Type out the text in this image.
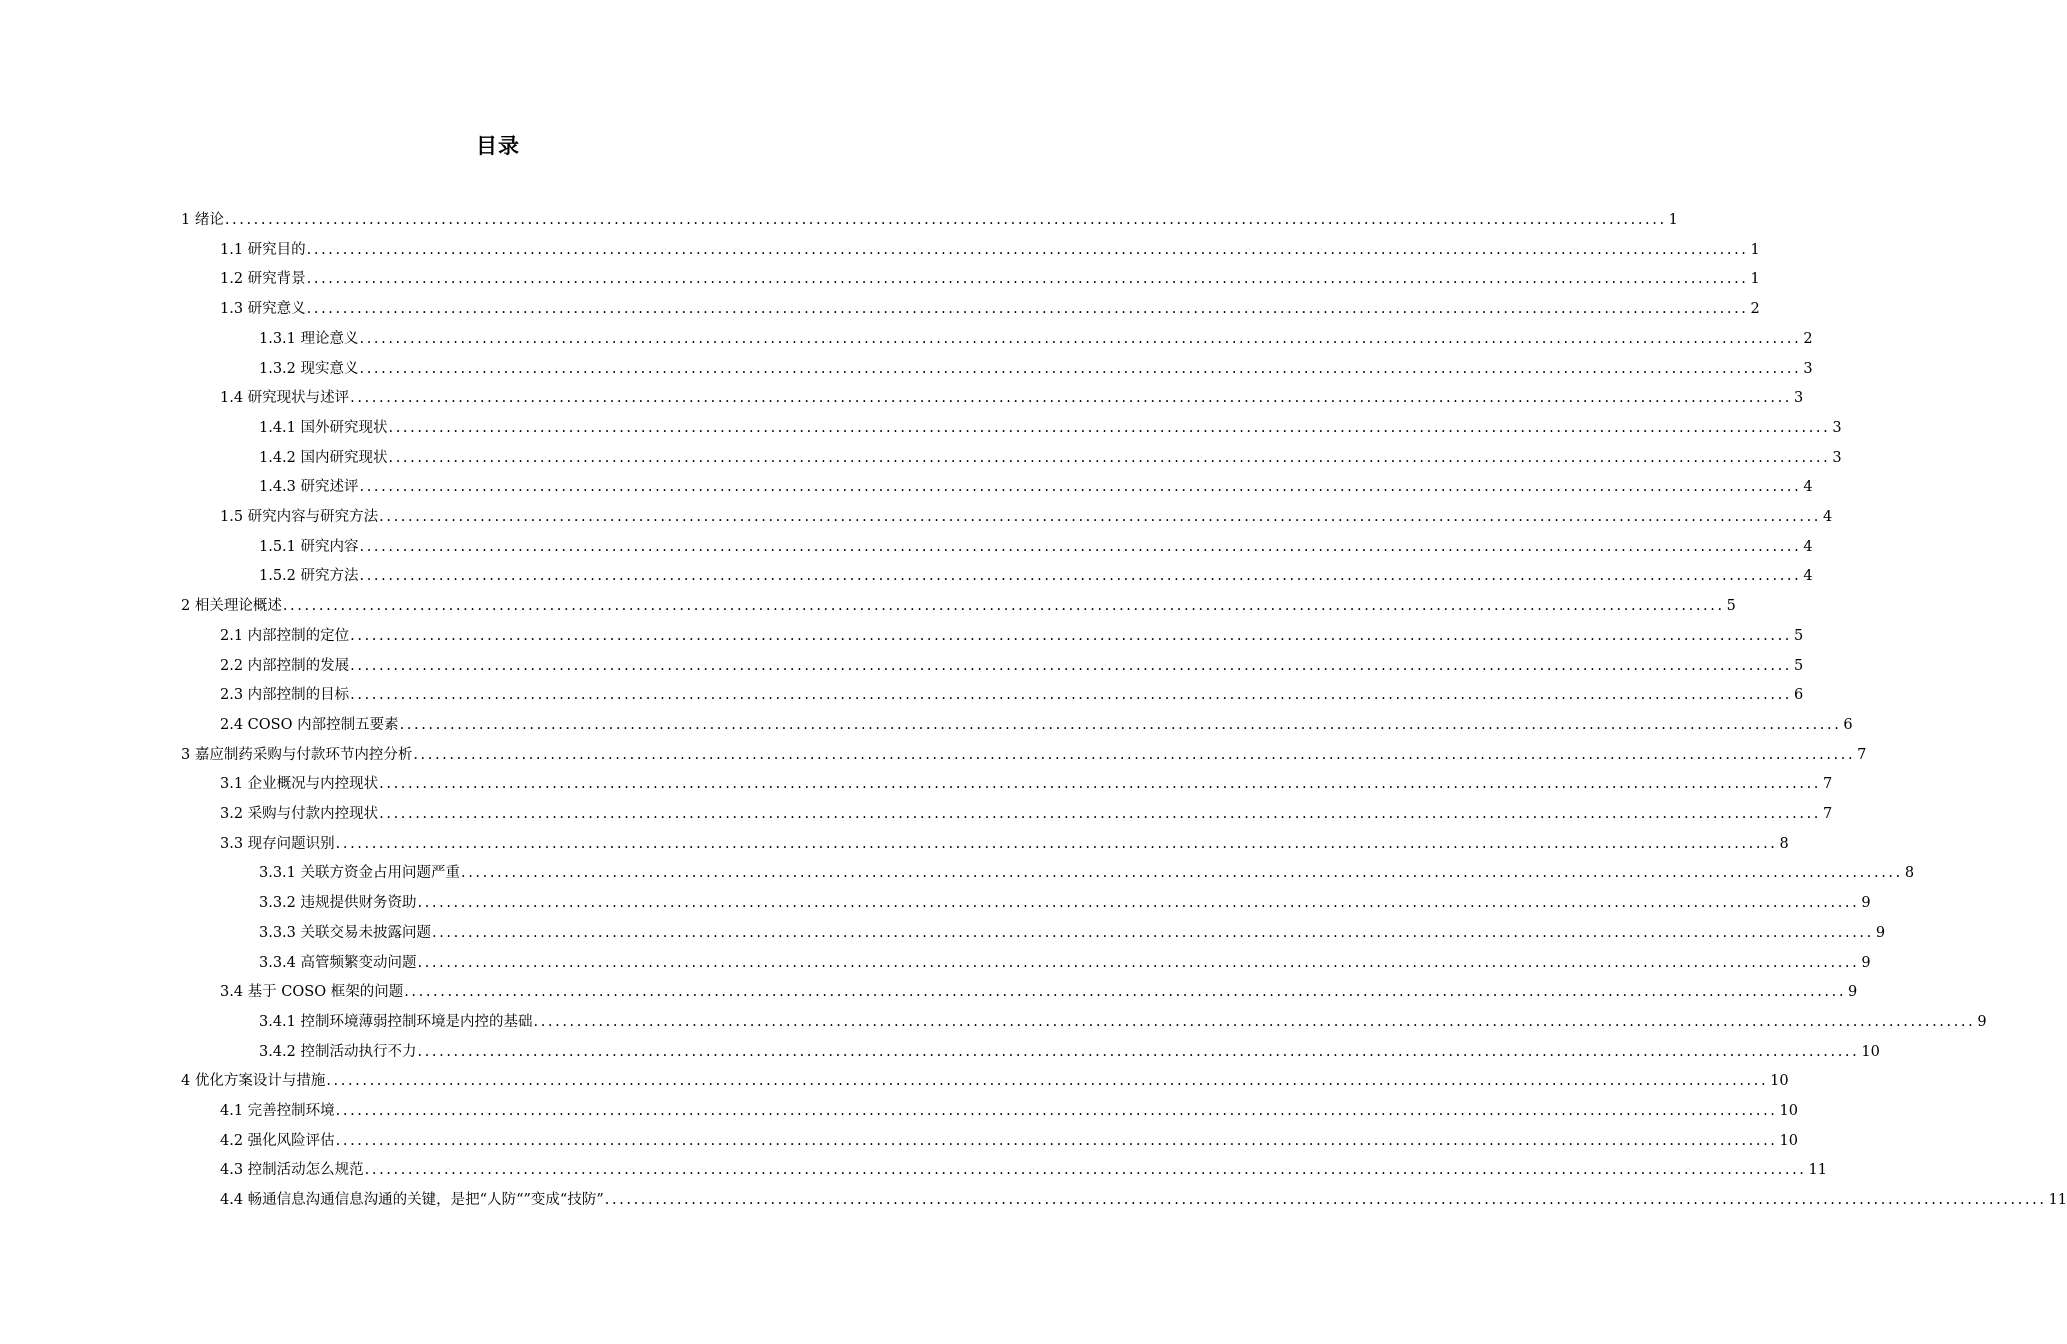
目录
1 绪论 ........................................................................................................................................................................................................ 1
1.1 研究目的 ........................................................................................................................................................................................................ 1
1.2 研究背景 ........................................................................................................................................................................................................ 1
1.3 研究意义 ........................................................................................................................................................................................................ 2
1.3.1 理论意义 ........................................................................................................................................................................................................ 2
1.3.2 现实意义 ........................................................................................................................................................................................................ 3
1.4 研究现状与述评 ........................................................................................................................................................................................................ 3
1.4.1 国外研究现状 ........................................................................................................................................................................................................ 3
1.4.2 国内研究现状 ........................................................................................................................................................................................................ 3
1.4.3 研究述评 ........................................................................................................................................................................................................ 4
1.5 研究内容与研究方法 ........................................................................................................................................................................................................ 4
1.5.1 研究内容 ........................................................................................................................................................................................................ 4
1.5.2 研究方法 ........................................................................................................................................................................................................ 4
2 相关理论概述 ........................................................................................................................................................................................................ 5
2.1 内部控制的定位 ........................................................................................................................................................................................................ 5
2.2 内部控制的发展 ........................................................................................................................................................................................................ 5
2.3 内部控制的目标 ........................................................................................................................................................................................................ 6
2.4 COSO 内部控制五要素 ........................................................................................................................................................................................................ 6
3 嘉应制药采购与付款环节内控分析 ........................................................................................................................................................................................................ 7
3.1 企业概况与内控现状 ........................................................................................................................................................................................................ 7
3.2 采购与付款内控现状 ........................................................................................................................................................................................................ 7
3.3 现存问题识别 ........................................................................................................................................................................................................ 8
3.3.1 关联方资金占用问题严重 ........................................................................................................................................................................................................ 8
3.3.2 违规提供财务资助 ........................................................................................................................................................................................................ 9
3.3.3 关联交易未披露问题 ........................................................................................................................................................................................................ 9
3.3.4 高管频繁变动问题 ........................................................................................................................................................................................................ 9
3.4 基于 COSO 框架的问题 ........................................................................................................................................................................................................ 9
3.4.1 控制环境薄弱控制环境是内控的基础 ........................................................................................................................................................................................................ 9
3.4.2 控制活动执行不力 ........................................................................................................................................................................................................ 10
4 优化方案设计与措施 ........................................................................................................................................................................................................ 10
4.1 完善控制环境 ........................................................................................................................................................................................................ 10
4.2 强化风险评估 ........................................................................................................................................................................................................ 10
4.3 控制活动怎么规范 ........................................................................................................................................................................................................ 11
4.4 畅通信息沟通信息沟通的关键，是把“人防“”变成“技防” ........................................................................................................................................................................................................ 11
